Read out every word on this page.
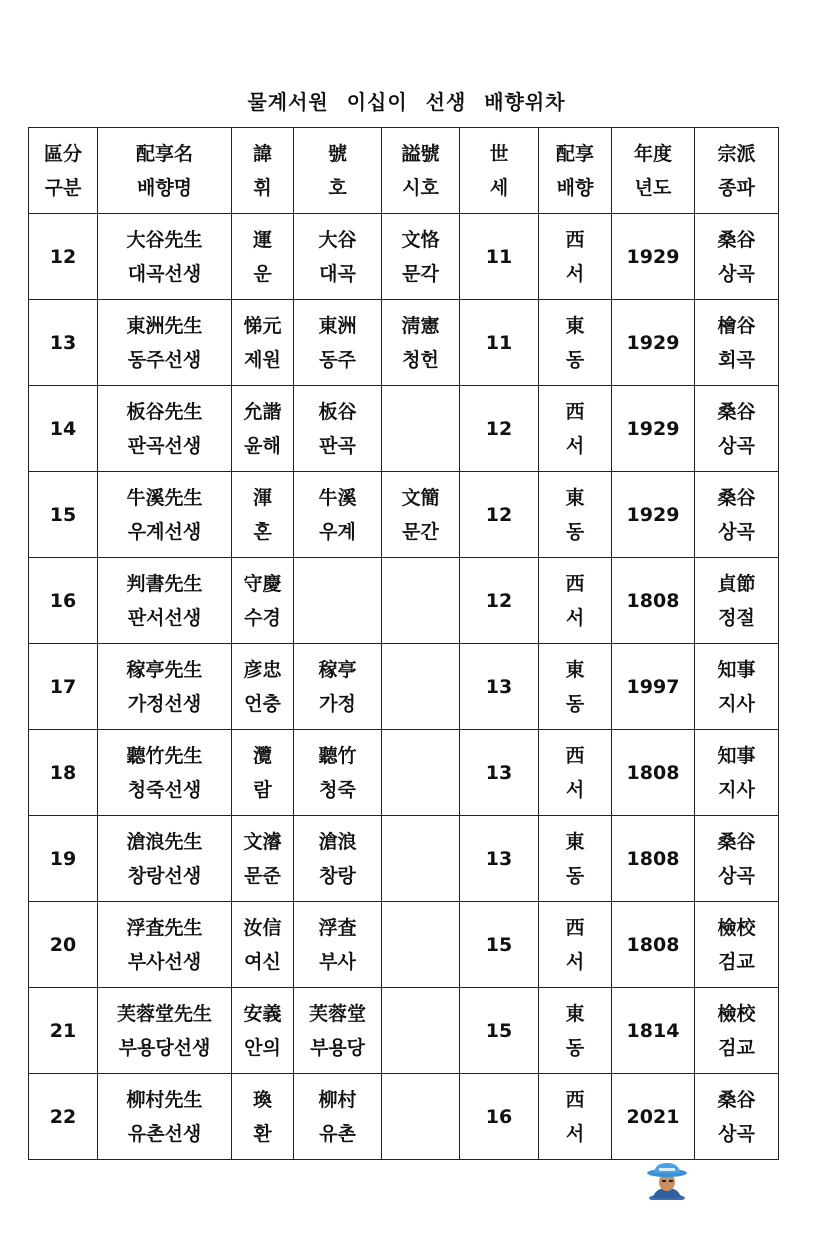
물계서원 이십이 선생 배향위차
區分
구분	配享名
배향명	諱
휘	號
호	謚號
시호	世
세	配享
배향	年度
년도	宗派
종파

12	大谷先生
대곡선생	運
운	大谷
대곡	文恪
문각	11	西
서	1929	桑谷
상곡

13	東洲先生
동주선생	悌元
제원	東洲
동주	淸憲
청헌	11	東
동	1929	檜谷
회곡

14	板谷先生
판곡선생	允諧
윤해	板谷
판곡		12	西
서	1929	桑谷
상곡

15	牛溪先生
우계선생	渾
혼	牛溪
우계	文簡
문간	12	東
동	1929	桑谷
상곡

16	判書先生
판서선생	守慶
수경			12	西
서	1808	貞節
정절

17	稼亭先生
가정선생	彦忠
언충	稼亭
가정		13	東
동	1997	知事
지사

18	聽竹先生
청죽선생	灠
람	聽竹
청죽		13	西
서	1808	知事
지사

19	滄浪先生
창랑선생	文濬
문준	滄浪
창랑		13	東
동	1808	桑谷
상곡

20	浮査先生
부사선생	汝信
여신	浮査
부사		15	西
서	1808	檢校
검교

21	芙蓉堂先生
부용당선생	安義
안의	芙蓉堂
부용당		15	東
동	1814	檢校
검교

22	柳村先生
유촌선생	瑍
환	柳村
유촌		16	西
서	2021	桑谷
상곡
